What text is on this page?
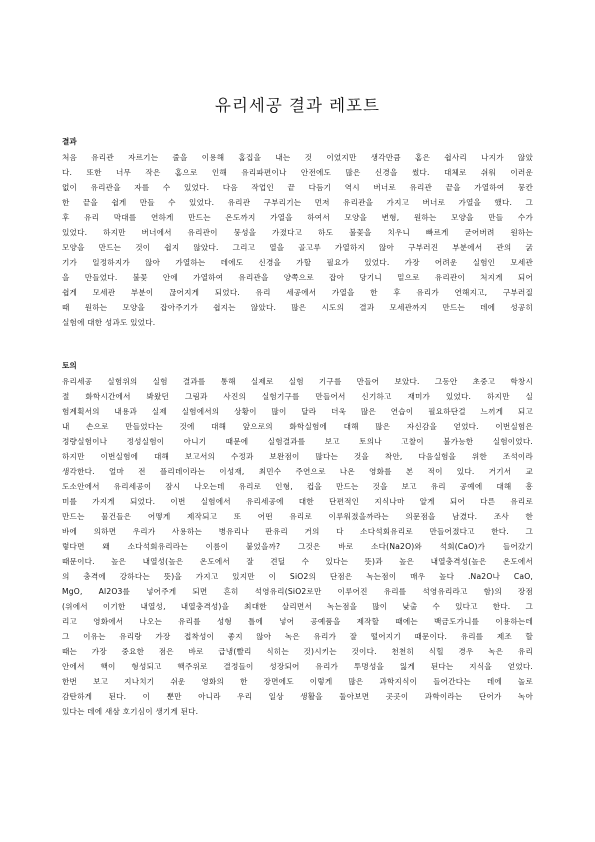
유리세공 결과 레포트
결과
처음 유리관 자르기는 줄을 이용해 홈집을 내는 것 이었지만 생각만큼 홈은 쉽사리 나지가 않았
다. 또한 너무 작은 홈으로 인해 유리파편이나 안전에도 많은 신경을 썼다. 대체로 쉬워 이러운
없이 유리관을 자를 수 있었다. 다음 작업인 끝 다듬기 역시 버너로 유리관 끝을 가열하여 뭉칸
한 끝을 쉽게 만들 수 있었다. 유리관 구부리기는 먼저 유리관을 가지고 버너로 가열을 했다. 그
후 유리 막대를 연하게 만드는 온도까지 가열을 하여서 모양을 변형, 원하는 모양을 만들 수가
있었다. 하지만 버너에서 유리관이 뭉성을 가졌다고 하도 불꽃을 치우니 빠르게 굳어버려 원하는
모양을 만드는 것이 쉽지 않았다. 그리고 열을 골고루 가열하지 않아 구부러진 부분에서 관의 굵
기가 일정하지가 않아 가열하는 데에도 신경을 가할 필요가 있었다. 가장 어려운 실험인 모세관
을 만들었다. 불꽃 안에 가열하여 유리관을 양쪽으로 잡아 당기니 밑으로 유리관이 처지게 되어
쉽게 모세관 부분이 끊어지게 되었다. 유리 세공에서 가열을 한 후 유리가 연해지고, 구부러질
때 원하는 모양을 잡아주기가 쉽지는 않았다. 많은 시도의 결과 모세관까지 만드는 데에 성공히
실험에 대한 성과도 있었다.
토의
유리세공 실험위의 실험 결과를 통해 실제로 실험 기구를 만들어 보았다. 그동안 초중고 학창시
절 화학시간에서 봐왔던 그림과 사진의 실험기구를 만들어서 신기하고 재미가 있었다. 하지만 실
험계획서의 내용과 실제 실험에서의 상황이 많이 달라 더욱 많은 연습이 필요하단걸 느끼게 되고
내 손으로 만들었다는 것에 대해 앞으로의 화학실험에 대해 많은 자신감을 얻었다. 이번실험은
정량실험이나 정성실험이 아니기 때문에 실험결과를 보고 토의나 고찰이 불가능한 실험이었다.
하지만 이번실험에 대해 보고서의 수정과 보완점이 많다는 것을 착안, 다음실험을 위한 조석이라
생각한다. 얼마 전 플리데이라는 이성재, 최민수 주연으로 나온 영화를 본 적이 있다. 거기서 교
도소안에서 유리세공이 잠시 나오는데 유리로 인형, 컵을 만드는 것을 보고 유리 공예에 대해 흥
미를 가지게 되었다. 이번 실험에서 유리세공에 대한 단편적인 지식나마 알게 되어 다른 유리로
만드는 물건들은 어떻게 제작되고 또 어떤 유리로 이루워졌을까라는 의문점을 남겼다. 조사 한
바에 의하면 우리가 사용하는 병유리나 판유리 거의 다 소다석회유리로 만들어졌다고 한다. 그
렇다면 왜 소다석회유리라는 이름이 붙었을까? 그것은 바로 소다(Na2O)와 석회(CaO)가 들어갔기
때문이다. 높은 내열성(높은 온도에서 잘 견딜 수 있다는 뜻)과 높은 내열충격성(높은 온도에서
의 충격에 강하다는 뜻)을 가지고 있지만 이 SiO2의 단점은 녹는점이 매우 높다 .Na2O나 CaO,
MgO, Al2O3를 넣어주게 되면 흔히 석영유리(SiO2로만 이루어진 유리를 석영유리라고 함)의 장점
(위에서 이기한 내열성, 내열충격성)을 최대한 살리면서 녹는점을 많이 낮출 수 있다고 한다. 그
리고 영화에서 나오는 유리를 성형 틀에 넣어 공예품을 제작할 때에는 백금도가니를 이용하는데
그 이유는 유리랑 가장 접착성이 좋지 않아 녹은 유리가 잘 떨어지기 때문이다. 유리를 제조 할
때는 가장 중요한 점은 바로 급냉(빨리 식히는 것)시키는 것이다. 천천히 식힐 경우 녹은 유리
안에서 핵이 형성되고 핵주위로 결정들이 성장되어 유리가 투명성을 잃게 된다는 지식을 얻었다.
한번 보고 지나치기 쉬운 영화의 한 장면에도 이렇게 많은 과학지식이 들어간다는 데에 놀로
감탄하게 된다. 이 뿐만 아니라 우리 일상 생활을 둘아보면 곳곳이 과학이라는 단어가 녹아
있다는 데에 새삼 호기심이 생기게 된다.
